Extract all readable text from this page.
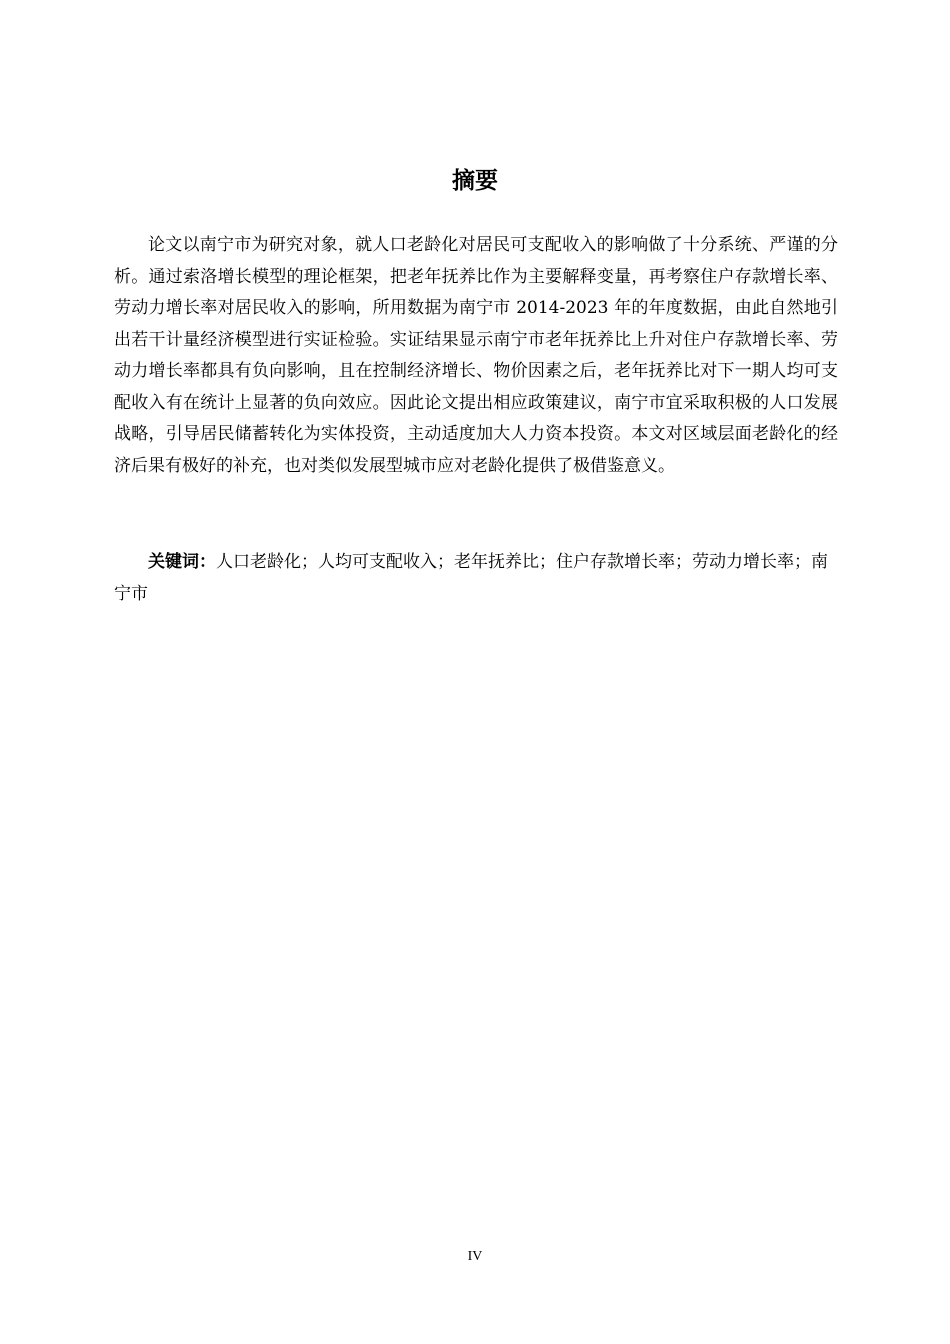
摘要

论文以南宁市为研究对象，就人口老龄化对居民可支配收入的影响做了十分系统、严谨的分析。通过索洛增长模型的理论框架，把老年抚养比作为主要解释变量，再考察住户存款增长率、劳动力增长率对居民收入的影响，所用数据为南宁市 2014-2023 年的年度数据，由此自然地引出若干计量经济模型进行实证检验。实证结果显示南宁市老年抚养比上升对住户存款增长率、劳动力增长率都具有负向影响，且在控制经济增长、物价因素之后，老年抚养比对下一期人均可支配收入有在统计上显著的负向效应。因此论文提出相应政策建议，南宁市宜采取积极的人口发展战略，引导居民储蓄转化为实体投资，主动适度加大人力资本投资。本文对区域层面老龄化的经济后果有极好的补充，也对类似发展型城市应对老龄化提供了极借鉴意义。

关键词：人口老龄化；人均可支配收入；老年抚养比；住户存款增长率；劳动力增长率；南宁市

IV
